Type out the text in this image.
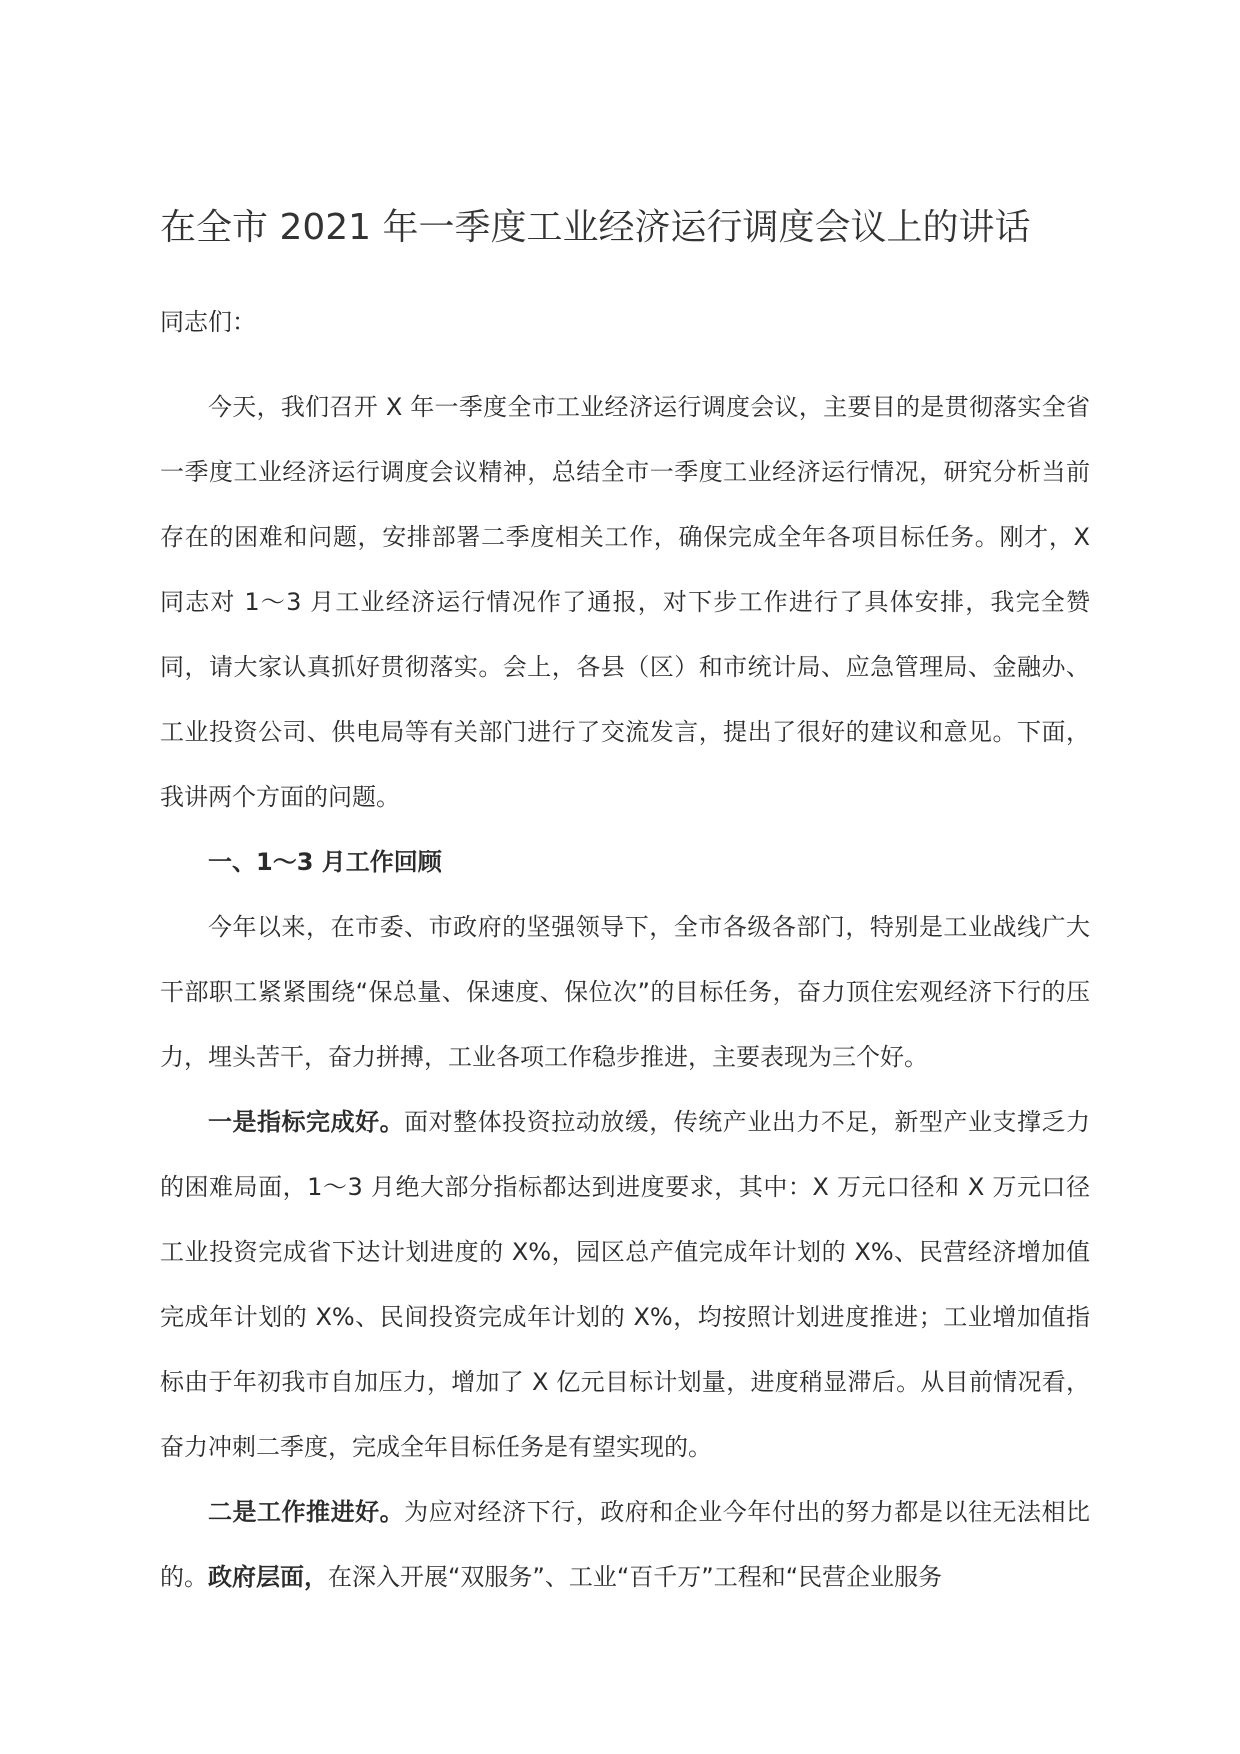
在全市 2021 年一季度工业经济运行调度会议上的讲话

同志们：

今天，我们召开 X 年一季度全市工业经济运行调度会议，主要目的是贯彻落实全省一季度工业经济运行调度会议精神，总结全市一季度工业经济运行情况，研究分析当前存在的困难和问题，安排部署二季度相关工作，确保完成全年各项目标任务。刚才，X 同志对 1～3 月工业经济运行情况作了通报，对下步工作进行了具体安排，我完全赞同，请大家认真抓好贯彻落实。会上，各县（区）和市统计局、应急管理局、金融办、工业投资公司、供电局等有关部门进行了交流发言，提出了很好的建议和意见。下面，我讲两个方面的问题。

一、1～3 月工作回顾

今年以来，在市委、市政府的坚强领导下，全市各级各部门，特别是工业战线广大干部职工紧紧围绕“保总量、保速度、保位次”的目标任务，奋力顶住宏观经济下行的压力，埋头苦干，奋力拼搏，工业各项工作稳步推进，主要表现为三个好。

一是指标完成好。面对整体投资拉动放缓，传统产业出力不足，新型产业支撑乏力的困难局面，1～3 月绝大部分指标都达到进度要求，其中：X 万元口径和 X 万元口径工业投资完成省下达计划进度的 X%，园区总产值完成年计划的 X%、民营经济增加值完成年计划的 X%、民间投资完成年计划的 X%，均按照计划进度推进；工业增加值指标由于年初我市自加压力，增加了 X 亿元目标计划量，进度稍显滞后。从目前情况看，奋力冲刺二季度，完成全年目标任务是有望实现的。

二是工作推进好。为应对经济下行，政府和企业今年付出的努力都是以往无法相比的。政府层面，在深入开展“双服务”、工业“百千万”工程和“民营企业服务
